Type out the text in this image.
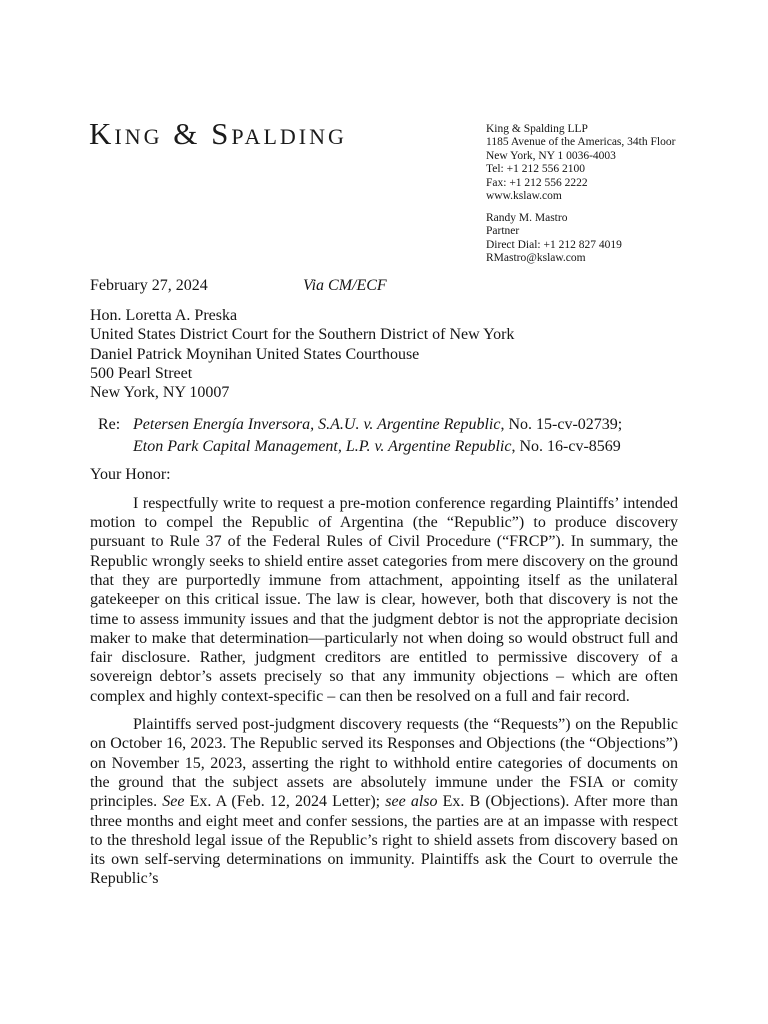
King & Spalding	King & Spalding LLP
1185 Avenue of the Americas, 34th Floor
New York, NY 1 0036-4003
Tel: +1 212 556 2100
Fax: +1 212 556 2222
www.kslaw.com
Randy M. Mastro
Partner
Direct Dial: +1 212 827 4019
RMastro@kslaw.com
February 27, 2024	Via CM/ECF
Hon. Loretta A. Preska
United States District Court for the Southern District of New York
Daniel Patrick Moynihan United States Courthouse
500 Pearl Street
New York, NY 10007
Re: Petersen Energía Inversora, S.A.U. v. Argentine Republic, No. 15-cv-02739;
Eton Park Capital Management, L.P. v. Argentine Republic, No. 16-cv-8569
Your Honor:

I respectfully write to request a pre-motion conference regarding Plaintiffs’ intended motion to compel the Republic of Argentina (the “Republic”) to produce discovery pursuant to Rule 37 of the Federal Rules of Civil Procedure (“FRCP”). In summary, the Republic wrongly seeks to shield entire asset categories from mere discovery on the ground that they are purportedly immune from attachment, appointing itself as the unilateral gatekeeper on this critical issue. The law is clear, however, both that discovery is not the time to assess immunity issues and that the judgment debtor is not the appropriate decision maker to make that determination—particularly not when doing so would obstruct full and fair disclosure. Rather, judgment creditors are entitled to permissive discovery of a sovereign debtor’s assets precisely so that any immunity objections – which are often complex and highly context-specific – can then be resolved on a full and fair record.

Plaintiffs served post-judgment discovery requests (the “Requests”) on the Republic on October 16, 2023. The Republic served its Responses and Objections (the “Objections”) on November 15, 2023, asserting the right to withhold entire categories of documents on the ground that the subject assets are absolutely immune under the FSIA or comity principles. See Ex. A (Feb. 12, 2024 Letter); see also Ex. B (Objections). After more than three months and eight meet and confer sessions, the parties are at an impasse with respect to the threshold legal issue of the Republic’s right to shield assets from discovery based on its own self-serving determinations on immunity. Plaintiffs ask the Court to overrule the Republic’s
